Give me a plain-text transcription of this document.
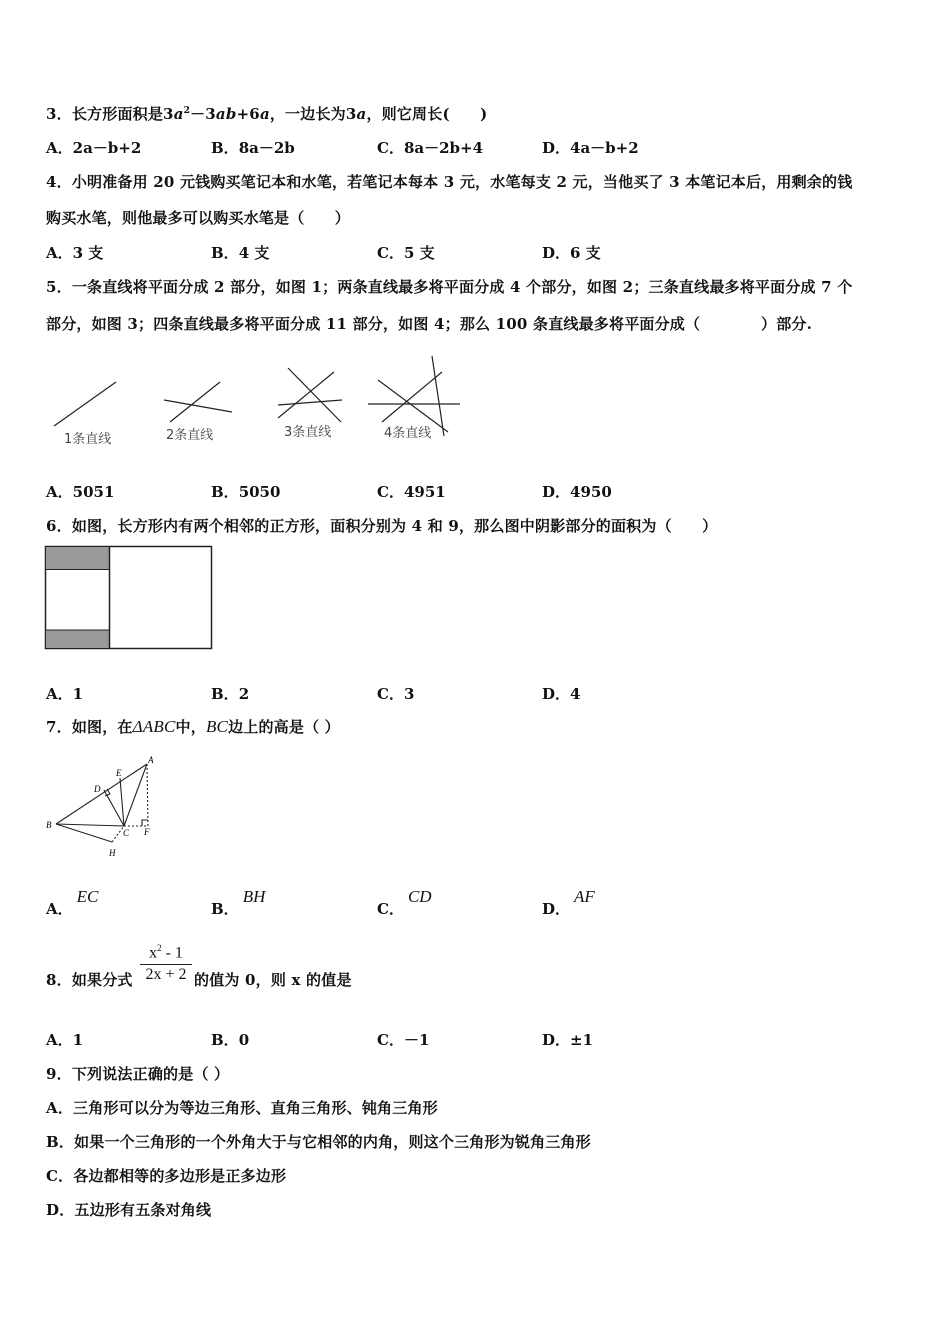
3．长方形面积是$3a^2-3ab+6a$，一边长为3a，则它周长(　　)
A．2a－b+2	B．8a－2b	C．8a－2b+4	D．4a－b+2
4．小明准备用 20 元钱购买笔记本和水笔，若笔记本每本 3 元，水笔每支 2 元，当他买了 3 本笔记本后，用剩余的钱
购买水笔，则他最多可以购买水笔是（　　）
A．3 支	B．4 支	C．5 支	D．6 支
5．一条直线将平面分成 2 部分，如图 1；两条直线最多将平面分成 4 个部分，如图 2；三条直线最多将平面分成 7 个
部分，如图 3；四条直线最多将平面分成 11 部分，如图 4；那么 100 条直线最多将平面分成（　　　　）部分.
1条直线	2条直线	3条直线	4条直线
A．5051	B．5050	C．4951	D．4950
6．如图，长方形内有两个相邻的正方形，面积分别为 4 和 9，那么图中阴影部分的面积为（　　）
A．1	B．2	C．3	D．4
7．如图，在ΔABC中，BC边上的高是（ ）
A
B
C
D
E
F
H
A．EC
B．BH
C．CD
D．AF
8．如果分式 $\frac{x^2 - 1}{2x + 2}$ 的值为 0，则 x 的值是
A．1	B．0	C．－1	D．±1
9．下列说法正确的是（ ）
A．三角形可以分为等边三角形、直角三角形、钝角三角形
B．如果一个三角形的一个外角大于与它相邻的内角，则这个三角形为锐角三角形
C．各边都相等的多边形是正多边形
D．五边形有五条对角线
